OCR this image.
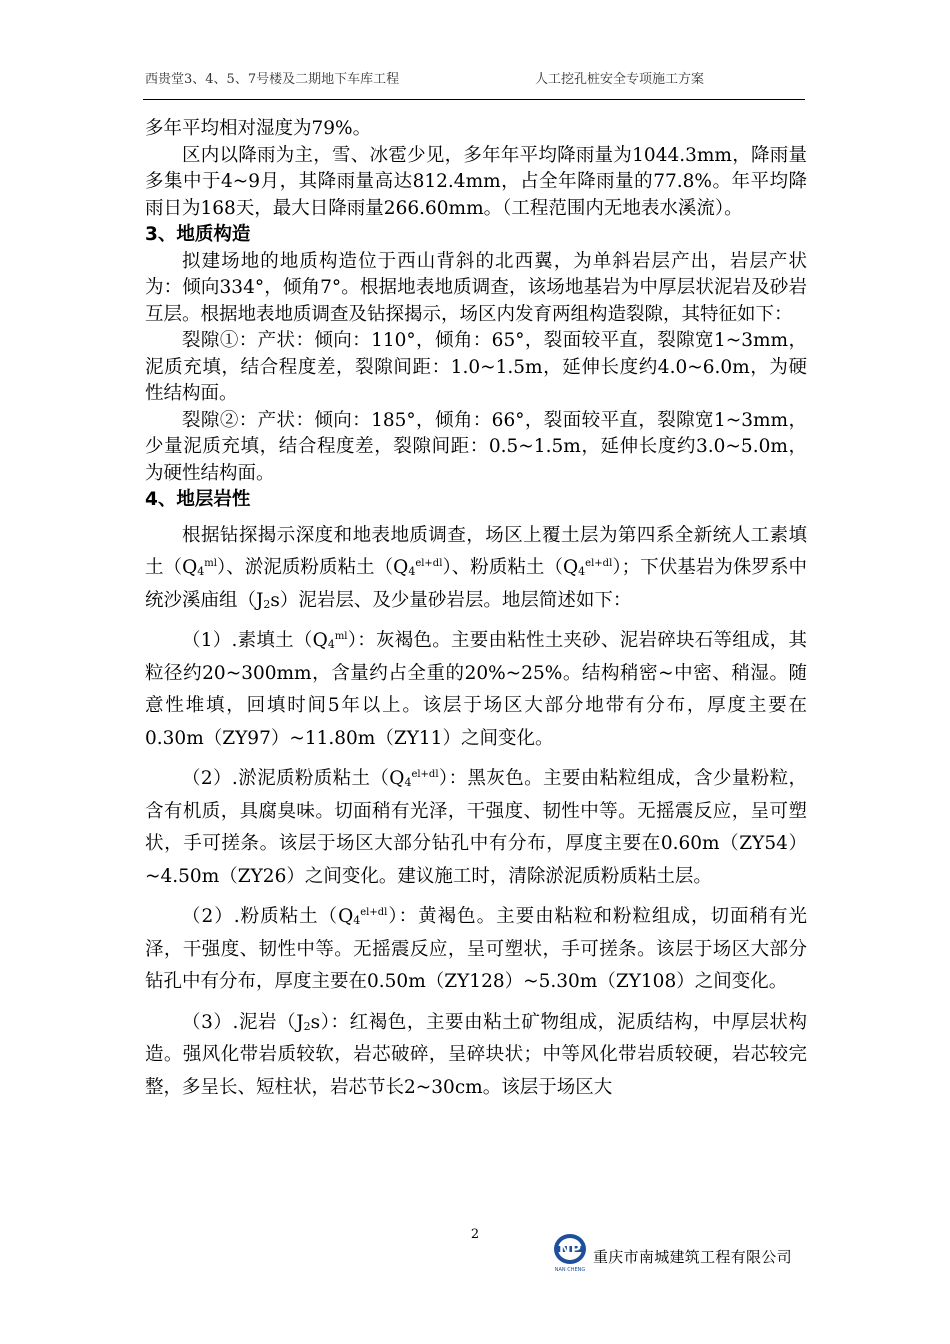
西贵堂3、4、5、7号楼及二期地下车库工程	人工挖孔桩安全专项施工方案

多年平均相对湿度为79%。

区内以降雨为主，雪、冰雹少见，多年年平均降雨量为1044.3mm，降雨量多集中于4~9月，其降雨量高达812.4mm，占全年降雨量的77.8%。年平均降雨日为168天，最大日降雨量266.60mm。（工程范围内无地表水溪流）。

3、地质构造

拟建场地的地质构造位于西山背斜的北西翼，为单斜岩层产出，岩层产状为：倾向334°，倾角7°。根据地表地质调查，该场地基岩为中厚层状泥岩及砂岩互层。根据地表地质调查及钻探揭示，场区内发育两组构造裂隙，其特征如下：

裂隙①：产状：倾向：110°，倾角：65°，裂面较平直，裂隙宽1~3mm，泥质充填，结合程度差，裂隙间距：1.0~1.5m，延伸长度约4.0~6.0m，为硬性结构面。

裂隙②：产状：倾向：185°，倾角：66°，裂面较平直，裂隙宽1~3mm，少量泥质充填，结合程度差，裂隙间距：0.5~1.5m，延伸长度约3.0~5.0m，为硬性结构面。

4、地层岩性

根据钻探揭示深度和地表地质调查，场区上覆土层为第四系全新统人工素填土$(Q_4^{ml})$、淤泥质粉质粘土$(Q_4^{el+dl})$、粉质粘土$(Q_4^{el+dl})$；下伏基岩为侏罗系中统沙溪庙组$(J_2s)$泥岩层、及少量砂岩层。地层简述如下：

（1）.素填土$(Q_4^{ml})$：灰褐色。主要由粘性土夹砂、泥岩碎块石等组成，其粒径约20~300mm，含量约占全重的20%~25%。结构稍密~中密、稍湿。随意性堆填，回填时间5年以上。该层于场区大部分地带有分布，厚度主要在0.30m（ZY97）~11.80m（ZY11）之间变化。

（2）.淤泥质粉质粘土$(Q_4^{el+dl})$：黑灰色。主要由粘粒组成，含少量粉粒，含有机质，具腐臭味。切面稍有光泽，干强度、韧性中等。无摇震反应，呈可塑状，手可搓条。该层于场区大部分钻孔中有分布，厚度主要在0.60m（ZY54）~4.50m（ZY26）之间变化。建议施工时，清除淤泥质粉质粘土层。

（2）.粉质粘土$(Q_4^{el+dl})$：黄褐色。主要由粘粒和粉粒组成，切面稍有光泽，干强度、韧性中等。无摇震反应，呈可塑状，手可搓条。该层于场区大部分钻孔中有分布，厚度主要在0.50m（ZY128）~5.30m（ZY108）之间变化。

（3）.泥岩$(J_2s)$：红褐色，主要由粘土矿物组成，泥质结构，中厚层状构造。强风化带岩质较软，岩芯破碎，呈碎块状；中等风化带岩质较硬，岩芯较完整，多呈长、短柱状，岩芯节长2~30cm。该层于场区大

2
NP
NAN CHENG
重庆市南城建筑工程有限公司
